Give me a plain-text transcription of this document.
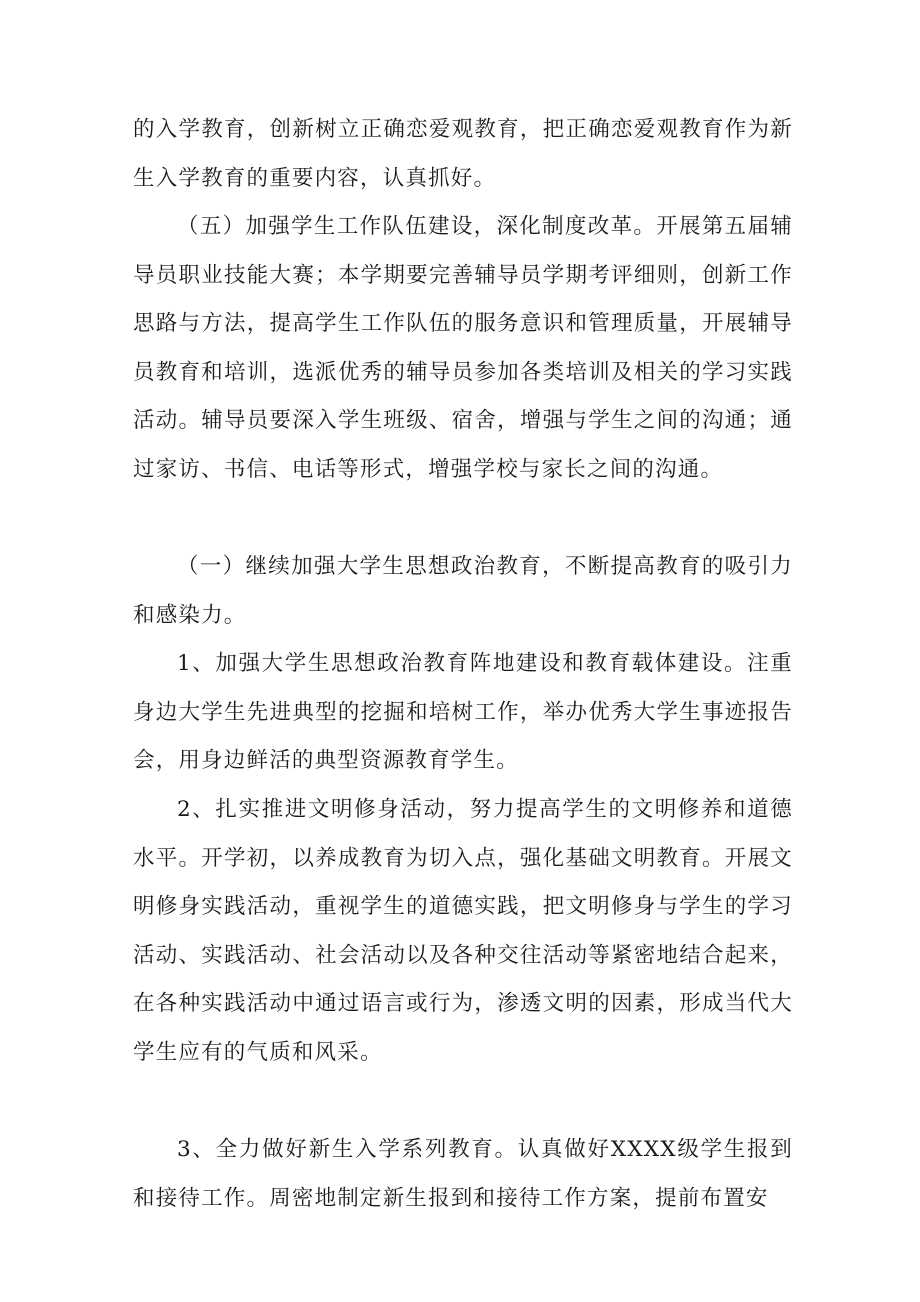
的入学教育，创新树立正确恋爱观教育，把正确恋爱观教育作为新生入学教育的重要内容，认真抓好。

（五）加强学生工作队伍建设，深化制度改革。开展第五届辅导员职业技能大赛；本学期要完善辅导员学期考评细则，创新工作思路与方法，提高学生工作队伍的服务意识和管理质量，开展辅导员教育和培训，选派优秀的辅导员参加各类培训及相关的学习实践活动。辅导员要深入学生班级、宿舍，增强与学生之间的沟通；通过家访、书信、电话等形式，增强学校与家长之间的沟通。

（一）继续加强大学生思想政治教育，不断提高教育的吸引力和感染力。

1、加强大学生思想政治教育阵地建设和教育载体建设。注重身边大学生先进典型的挖掘和培树工作，举办优秀大学生事迹报告会，用身边鲜活的典型资源教育学生。

2、扎实推进文明修身活动，努力提高学生的文明修养和道德水平。开学初，以养成教育为切入点，强化基础文明教育。开展文明修身实践活动，重视学生的道德实践，把文明修身与学生的学习活动、实践活动、社会活动以及各种交往活动等紧密地结合起来，在各种实践活动中通过语言或行为，渗透文明的因素，形成当代大学生应有的气质和风采。

3、全力做好新生入学系列教育。认真做好XXXX级学生报到和接待工作。周密地制定新生报到和接待工作方案，提前布置安
